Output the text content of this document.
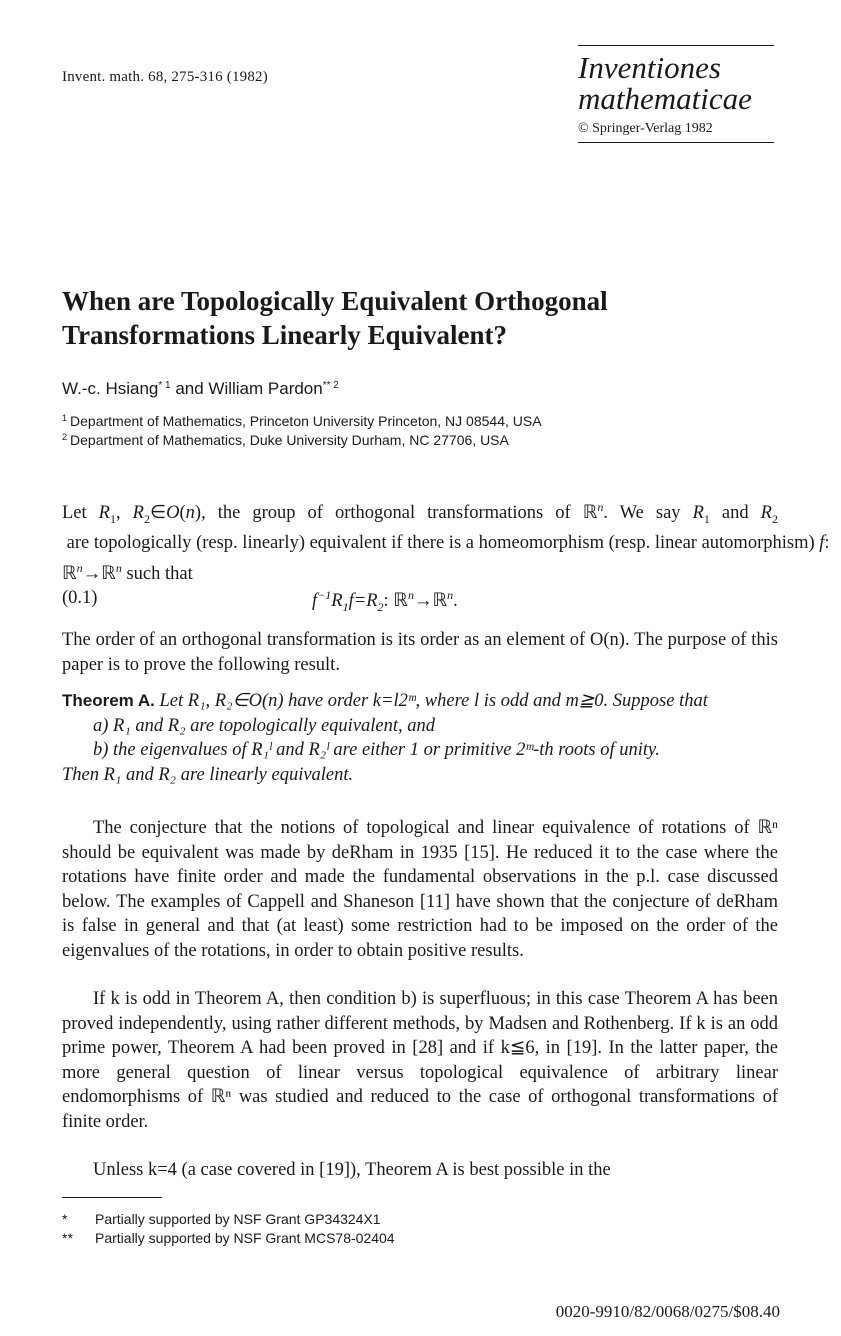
Invent. math. 68, 275-316 (1982)	Inventiones
mathematicae
© Springer-Verlag 1982
When are Topologically Equivalent Orthogonal
Transformations Linearly Equivalent?
W.-c. Hsiang$^{* 1}$ and William Pardon$^{** 2}$
$^1$ Department of Mathematics, Princeton University Princeton, NJ 08544, USA
$^2$ Department of Mathematics, Duke University Durham, NC 27706, USA

Let $R_1$, $R_2\in O(n)$, the group of orthogonal transformations of ℝ$^n$. We say $R_1$ and $R_2$ are topologically (resp. linearly) equivalent if there is a homeomorphism (resp. linear automorphism) f: ℝ$^n$→ℝ$^n$ such that

(0.1)	$f^{-1}R_1f=R_2$: ℝ$^n$→ℝ$^n$.
The order of an orthogonal transformation is its order as an element of O(n). The purpose of this paper is to prove the following result.

Theorem A. Let R₁, R₂∈O(n) have order k=l2ᵐ, where l is odd and m≧0. Suppose that

a) R₁ and R₂ are topologically equivalent, and

b) the eigenvalues of R₁ˡ and R₂ˡ are either 1 or primitive 2ᵐ-th roots of unity.

Then R₁ and R₂ are linearly equivalent.

The conjecture that the notions of topological and linear equivalence of rotations of ℝⁿ should be equivalent was made by deRham in 1935 [15]. He reduced it to the case where the rotations have finite order and made the fundamental observations in the p.l. case discussed below. The examples of Cappell and Shaneson [11] have shown that the conjecture of deRham is false in general and that (at least) some restriction had to be imposed on the order of the eigenvalues of the rotations, in order to obtain positive results.
If k is odd in Theorem A, then condition b) is superfluous; in this case Theorem A has been proved independently, using rather different methods, by Madsen and Rothenberg. If k is an odd prime power, Theorem A had been proved in [28] and if k≦6, in [19]. In the latter paper, the more general question of linear versus topological equivalence of arbitrary linear endomorphisms of ℝⁿ was studied and reduced to the case of orthogonal transformations of finite order.
Unless k=4 (a case covered in [19]), Theorem A is best possible in the
* Partially supported by NSF Grant GP34324X1
** Partially supported by NSF Grant MCS78-02404
0020-9910/82/0068/0275/$08.40
